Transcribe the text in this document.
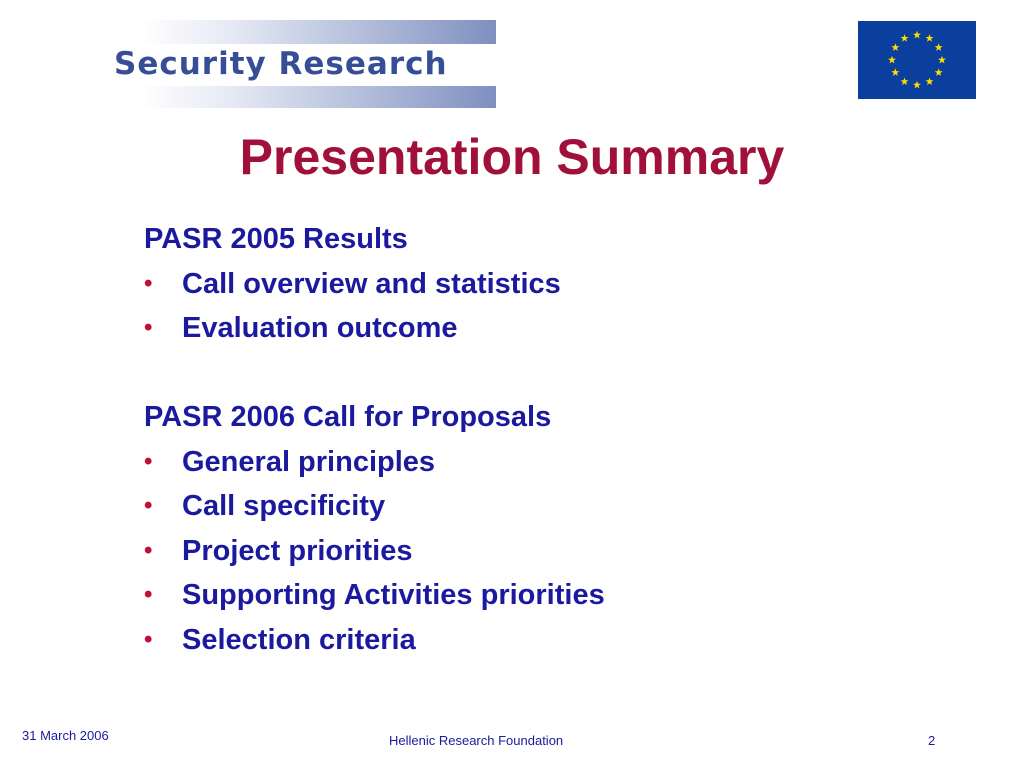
Security Research
Presentation Summary
PASR 2005 Results
• Call overview and statistics
• Evaluation outcome
PASR 2006 Call for Proposals
• General principles
• Call specificity
• Project priorities
• Supporting Activities priorities
• Selection criteria
31 March 2006	Hellenic Research Foundation	2
